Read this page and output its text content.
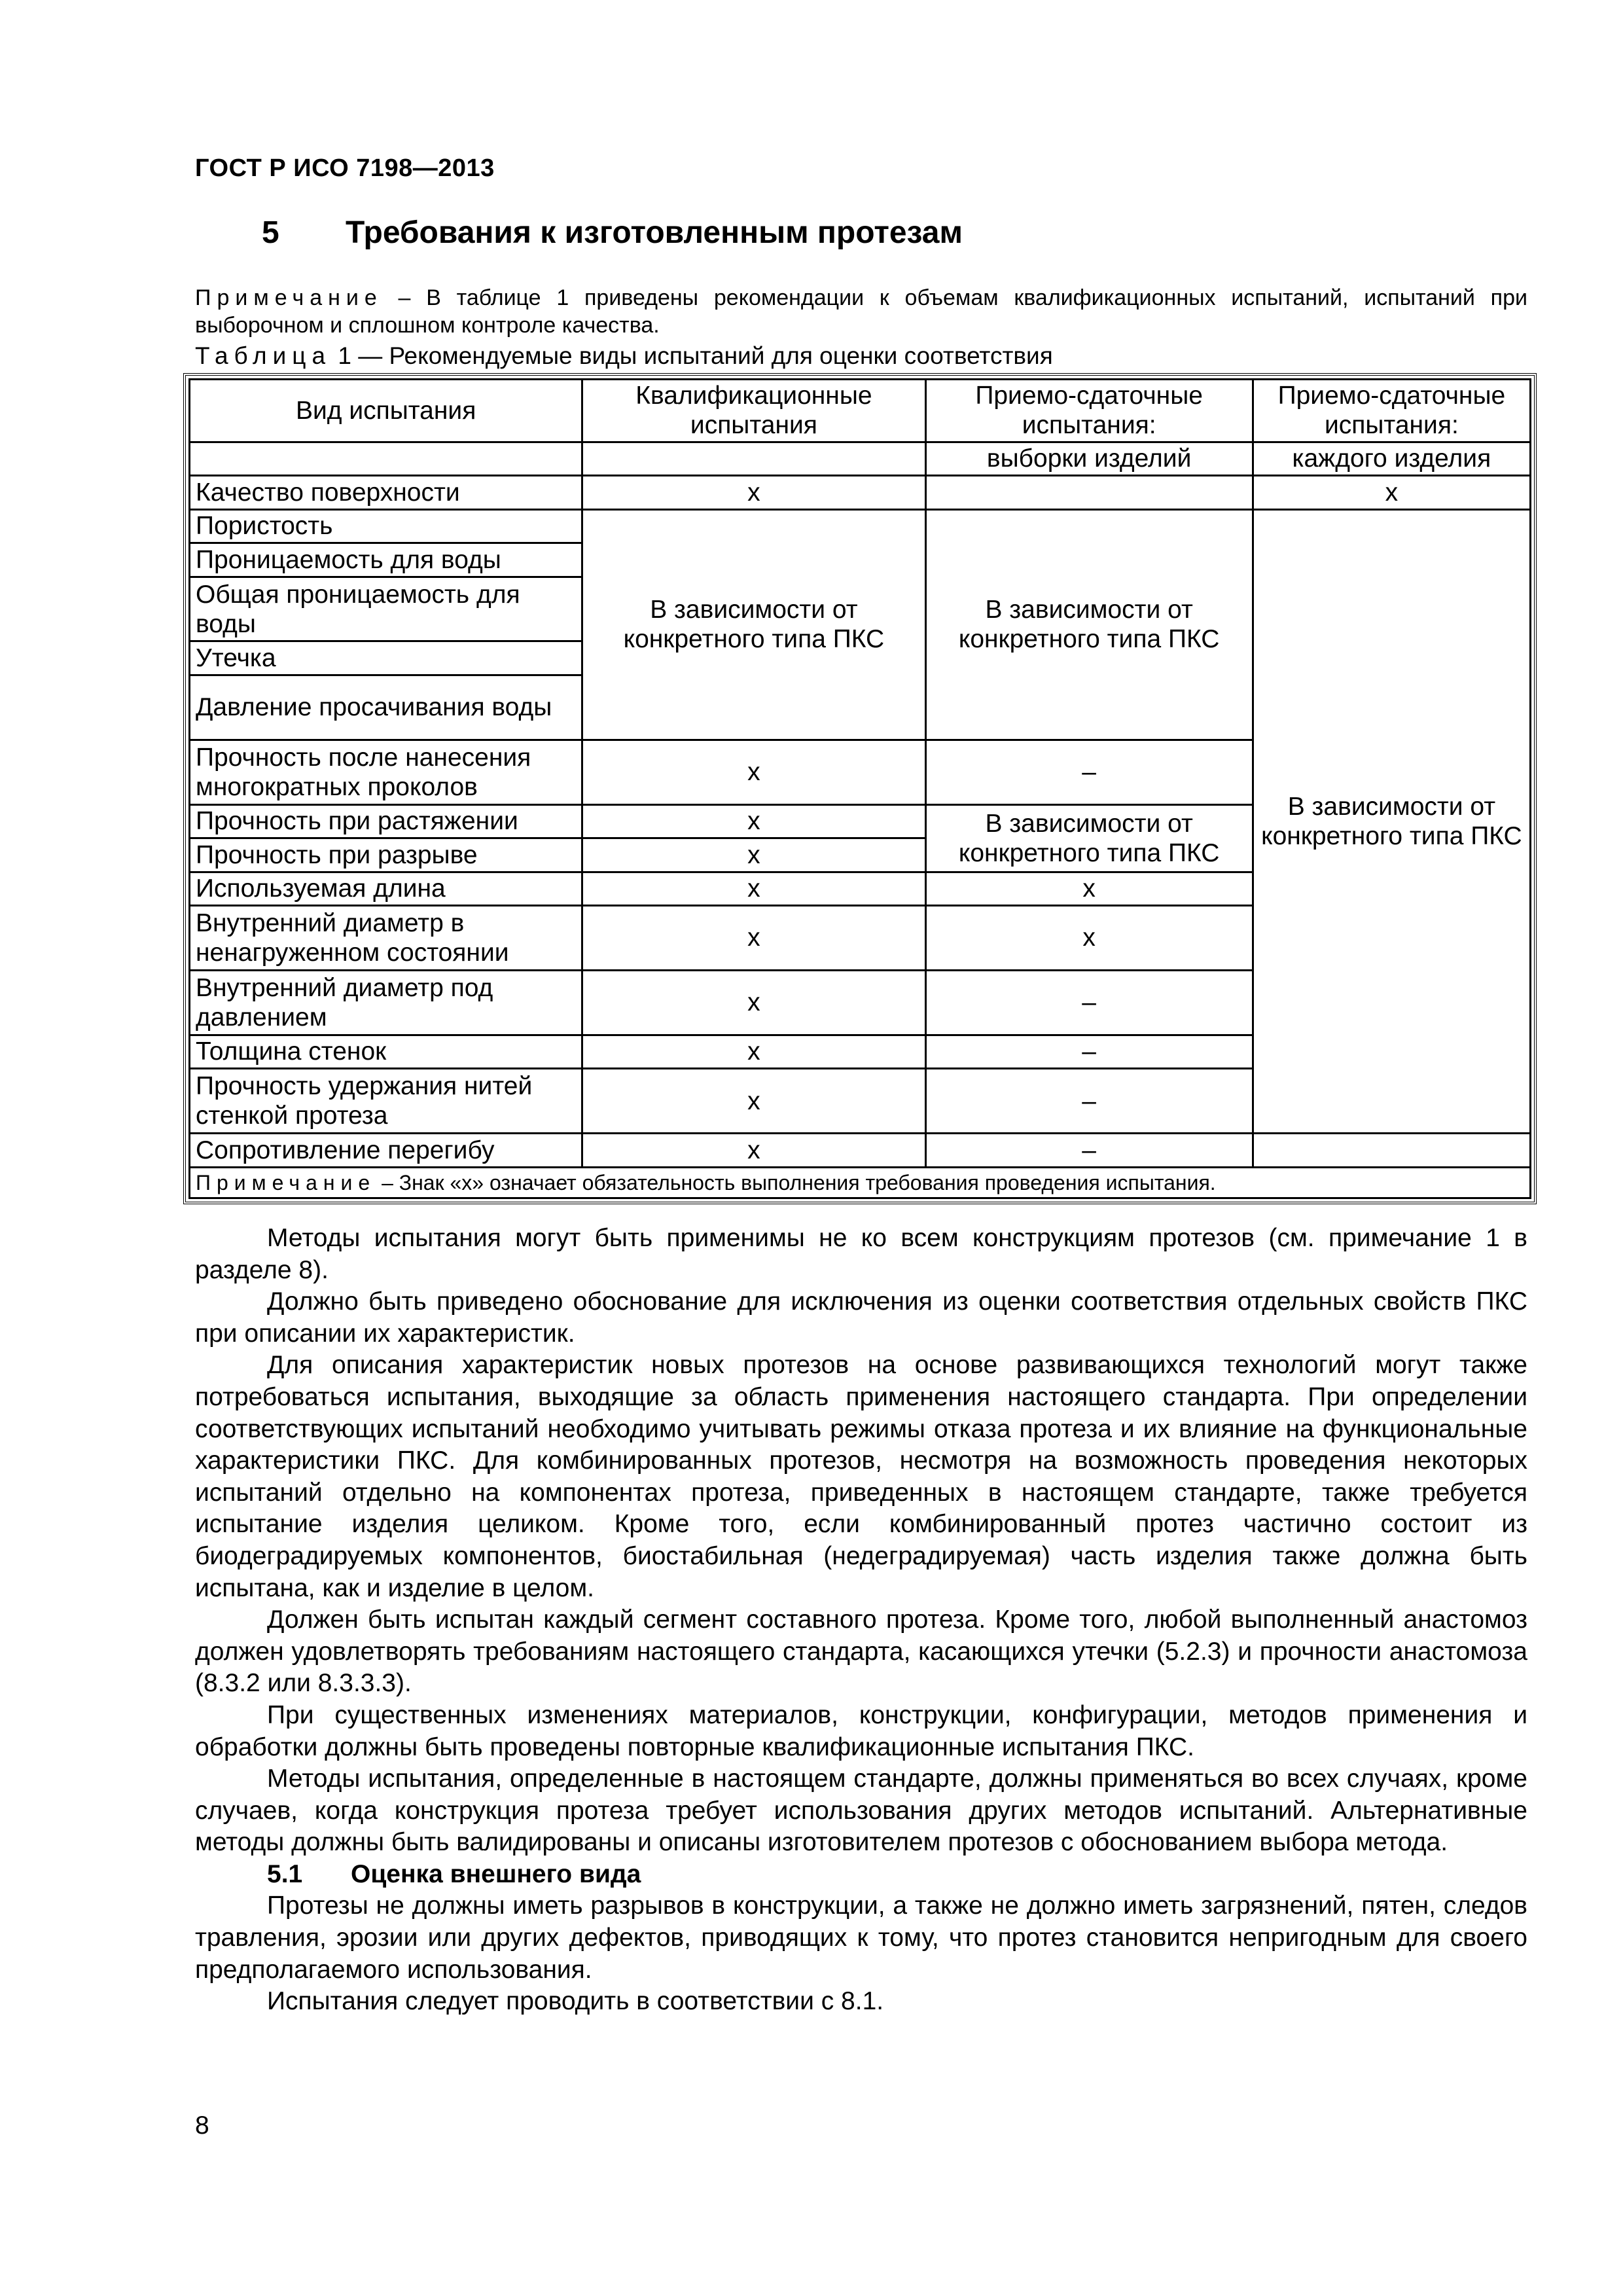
ГОСТ Р ИСО 7198—2013

5 Требования к изготовленным протезам

Примечание – В таблице 1 приведены рекомендации к объемам квалификационных испытаний, испытаний при выборочном и сплошном контроле качества.

Таблица 1 — Рекомендуемые виды испытаний для оценки соответствия

Вид испытания	Квалификационные испытания	Приемо-сдаточные испытания:	Приемо-сдаточные испытания:
		выборки изделий	каждого изделия
Качество поверхности	x		x
Пористость	В зависимости от конкретного типа ПКС	В зависимости от конкретного типа ПКС	В зависимости от конкретного типа ПКС
Проницаемость для воды			
Общая проницаемость для воды			
Утечка			
Давление просачивания воды			
Прочность после нанесения многократных проколов	x	–	
Прочность при растяжении	x	В зависимости от конкретного типа ПКС	
Прочность при разрыве	x		
Используемая длина	x	x	
Внутренний диаметр в ненагруженном состоянии	x	x	
Внутренний диаметр под давлением	x	–	
Толщина стенок	x	–	
Прочность удержания нитей стенкой протеза	x	–	
Сопротивление перегибу	x	–	
Примечание – Знак «x» означает обязательность выполнения требования проведения испытания.			

Методы испытания могут быть применимы не ко всем конструкциям протезов (см. примечание 1 в разделе 8).

Должно быть приведено обоснование для исключения из оценки соответствия отдельных свойств ПКС при описании их характеристик.

Для описания характеристик новых протезов на основе развивающихся технологий могут также потребоваться испытания, выходящие за область применения настоящего стандарта. При определении соответствующих испытаний необходимо учитывать режимы отказа протеза и их влияние на функциональные характеристики ПКС. Для комбинированных протезов, несмотря на возможность проведения некоторых испытаний отдельно на компонентах протеза, приведенных в настоящем стандарте, также требуется испытание изделия целиком. Кроме того, если комбинированный протез частично состоит из биодеградируемых компонентов, биостабильная (недеградируемая) часть изделия также должна быть испытана, как и изделие в целом.

Должен быть испытан каждый сегмент составного протеза. Кроме того, любой выполненный анастомоз должен удовлетворять требованиям настоящего стандарта, касающихся утечки (5.2.3) и прочности анастомоза (8.3.2 или 8.3.3.3).

При существенных изменениях материалов, конструкции, конфигурации, методов применения и обработки должны быть проведены повторные квалификационные испытания ПКС.

Методы испытания, определенные в настоящем стандарте, должны применяться во всех случаях, кроме случаев, когда конструкция протеза требует использования других методов испытаний. Альтернативные методы должны быть валидированы и описаны изготовителем протезов с обоснованием выбора метода.

5.1 Оценка внешнего вида

Протезы не должны иметь разрывов в конструкции, а также не должно иметь загрязнений, пятен, следов травления, эрозии или других дефектов, приводящих к тому, что протез становится непригодным для своего предполагаемого использования.

Испытания следует проводить в соответствии с 8.1.

8
